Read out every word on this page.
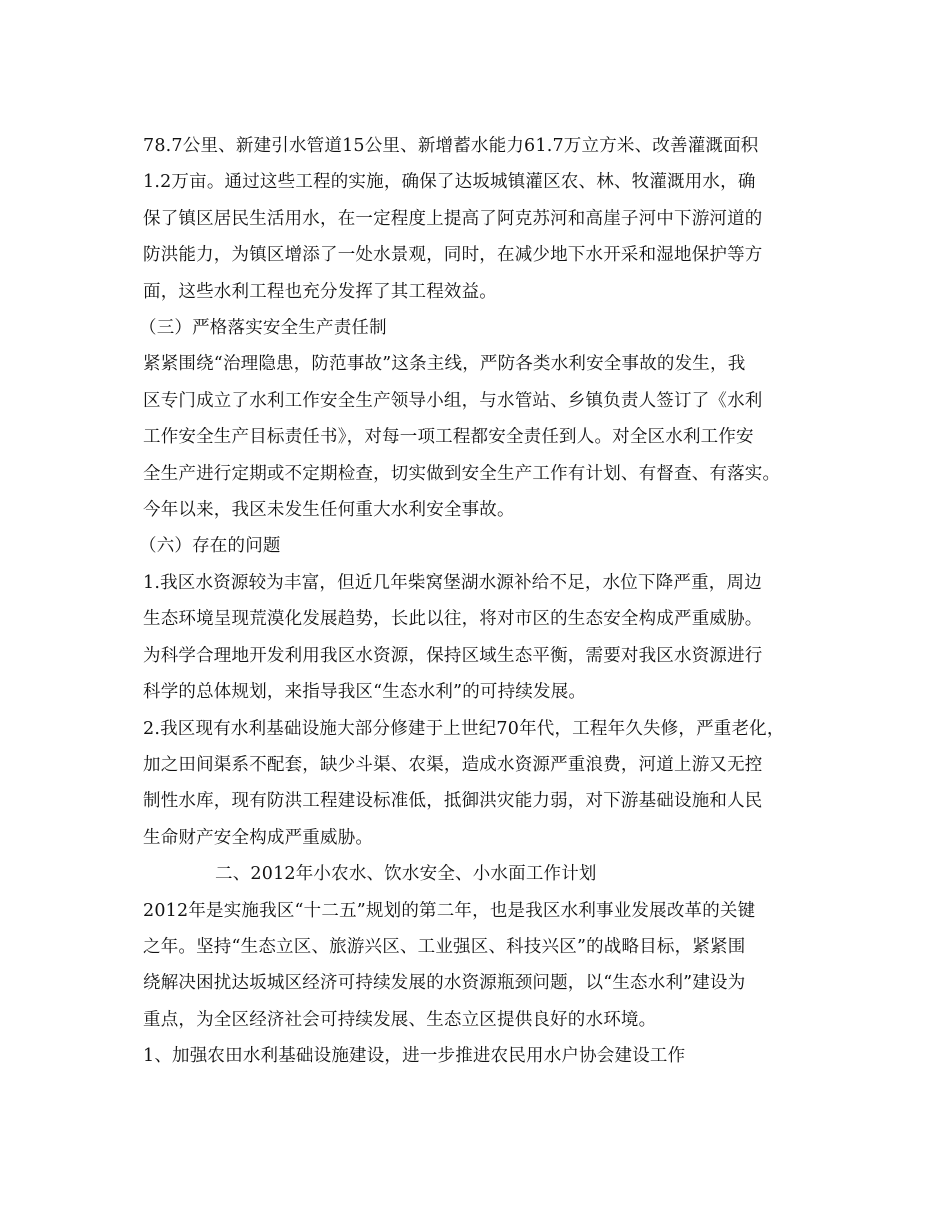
78.7公里、新建引水管道15公里、新增蓄水能力61.7万立方米、改善灌溉面积
1.2万亩。通过这些工程的实施，确保了达坂城镇灌区农、林、牧灌溉用水，确
保了镇区居民生活用水，在一定程度上提高了阿克苏河和高崖子河中下游河道的
防洪能力，为镇区增添了一处水景观，同时，在减少地下水开采和湿地保护等方
面，这些水利工程也充分发挥了其工程效益。
（三）严格落实安全生产责任制
紧紧围绕“治理隐患，防范事故”这条主线，严防各类水利安全事故的发生，我
区专门成立了水利工作安全生产领导小组，与水管站、乡镇负责人签订了《水利
工作安全生产目标责任书》，对每一项工程都安全责任到人。对全区水利工作安
全生产进行定期或不定期检查，切实做到安全生产工作有计划、有督查、有落实。
今年以来，我区未发生任何重大水利安全事故。
（六）存在的问题
1.我区水资源较为丰富，但近几年柴窝堡湖水源补给不足，水位下降严重，周边
生态环境呈现荒漠化发展趋势，长此以往，将对市区的生态安全构成严重威胁。
为科学合理地开发利用我区水资源，保持区域生态平衡，需要对我区水资源进行
科学的总体规划，来指导我区“生态水利”的可持续发展。
2.我区现有水利基础设施大部分修建于上世纪70年代，工程年久失修，严重老化，
加之田间渠系不配套，缺少斗渠、农渠，造成水资源严重浪费，河道上游又无控
制性水库，现有防洪工程建设标准低，抵御洪灾能力弱，对下游基础设施和人民
生命财产安全构成严重威胁。
二、2012年小农水、饮水安全、小水面工作计划
2012年是实施我区“十二五”规划的第二年，也是我区水利事业发展改革的关键
之年。坚持“生态立区、旅游兴区、工业强区、科技兴区”的战略目标，紧紧围
绕解决困扰达坂城区经济可持续发展的水资源瓶颈问题，以“生态水利”建设为
重点，为全区经济社会可持续发展、生态立区提供良好的水环境。
1、加强农田水利基础设施建设，进一步推进农民用水户协会建设工作
